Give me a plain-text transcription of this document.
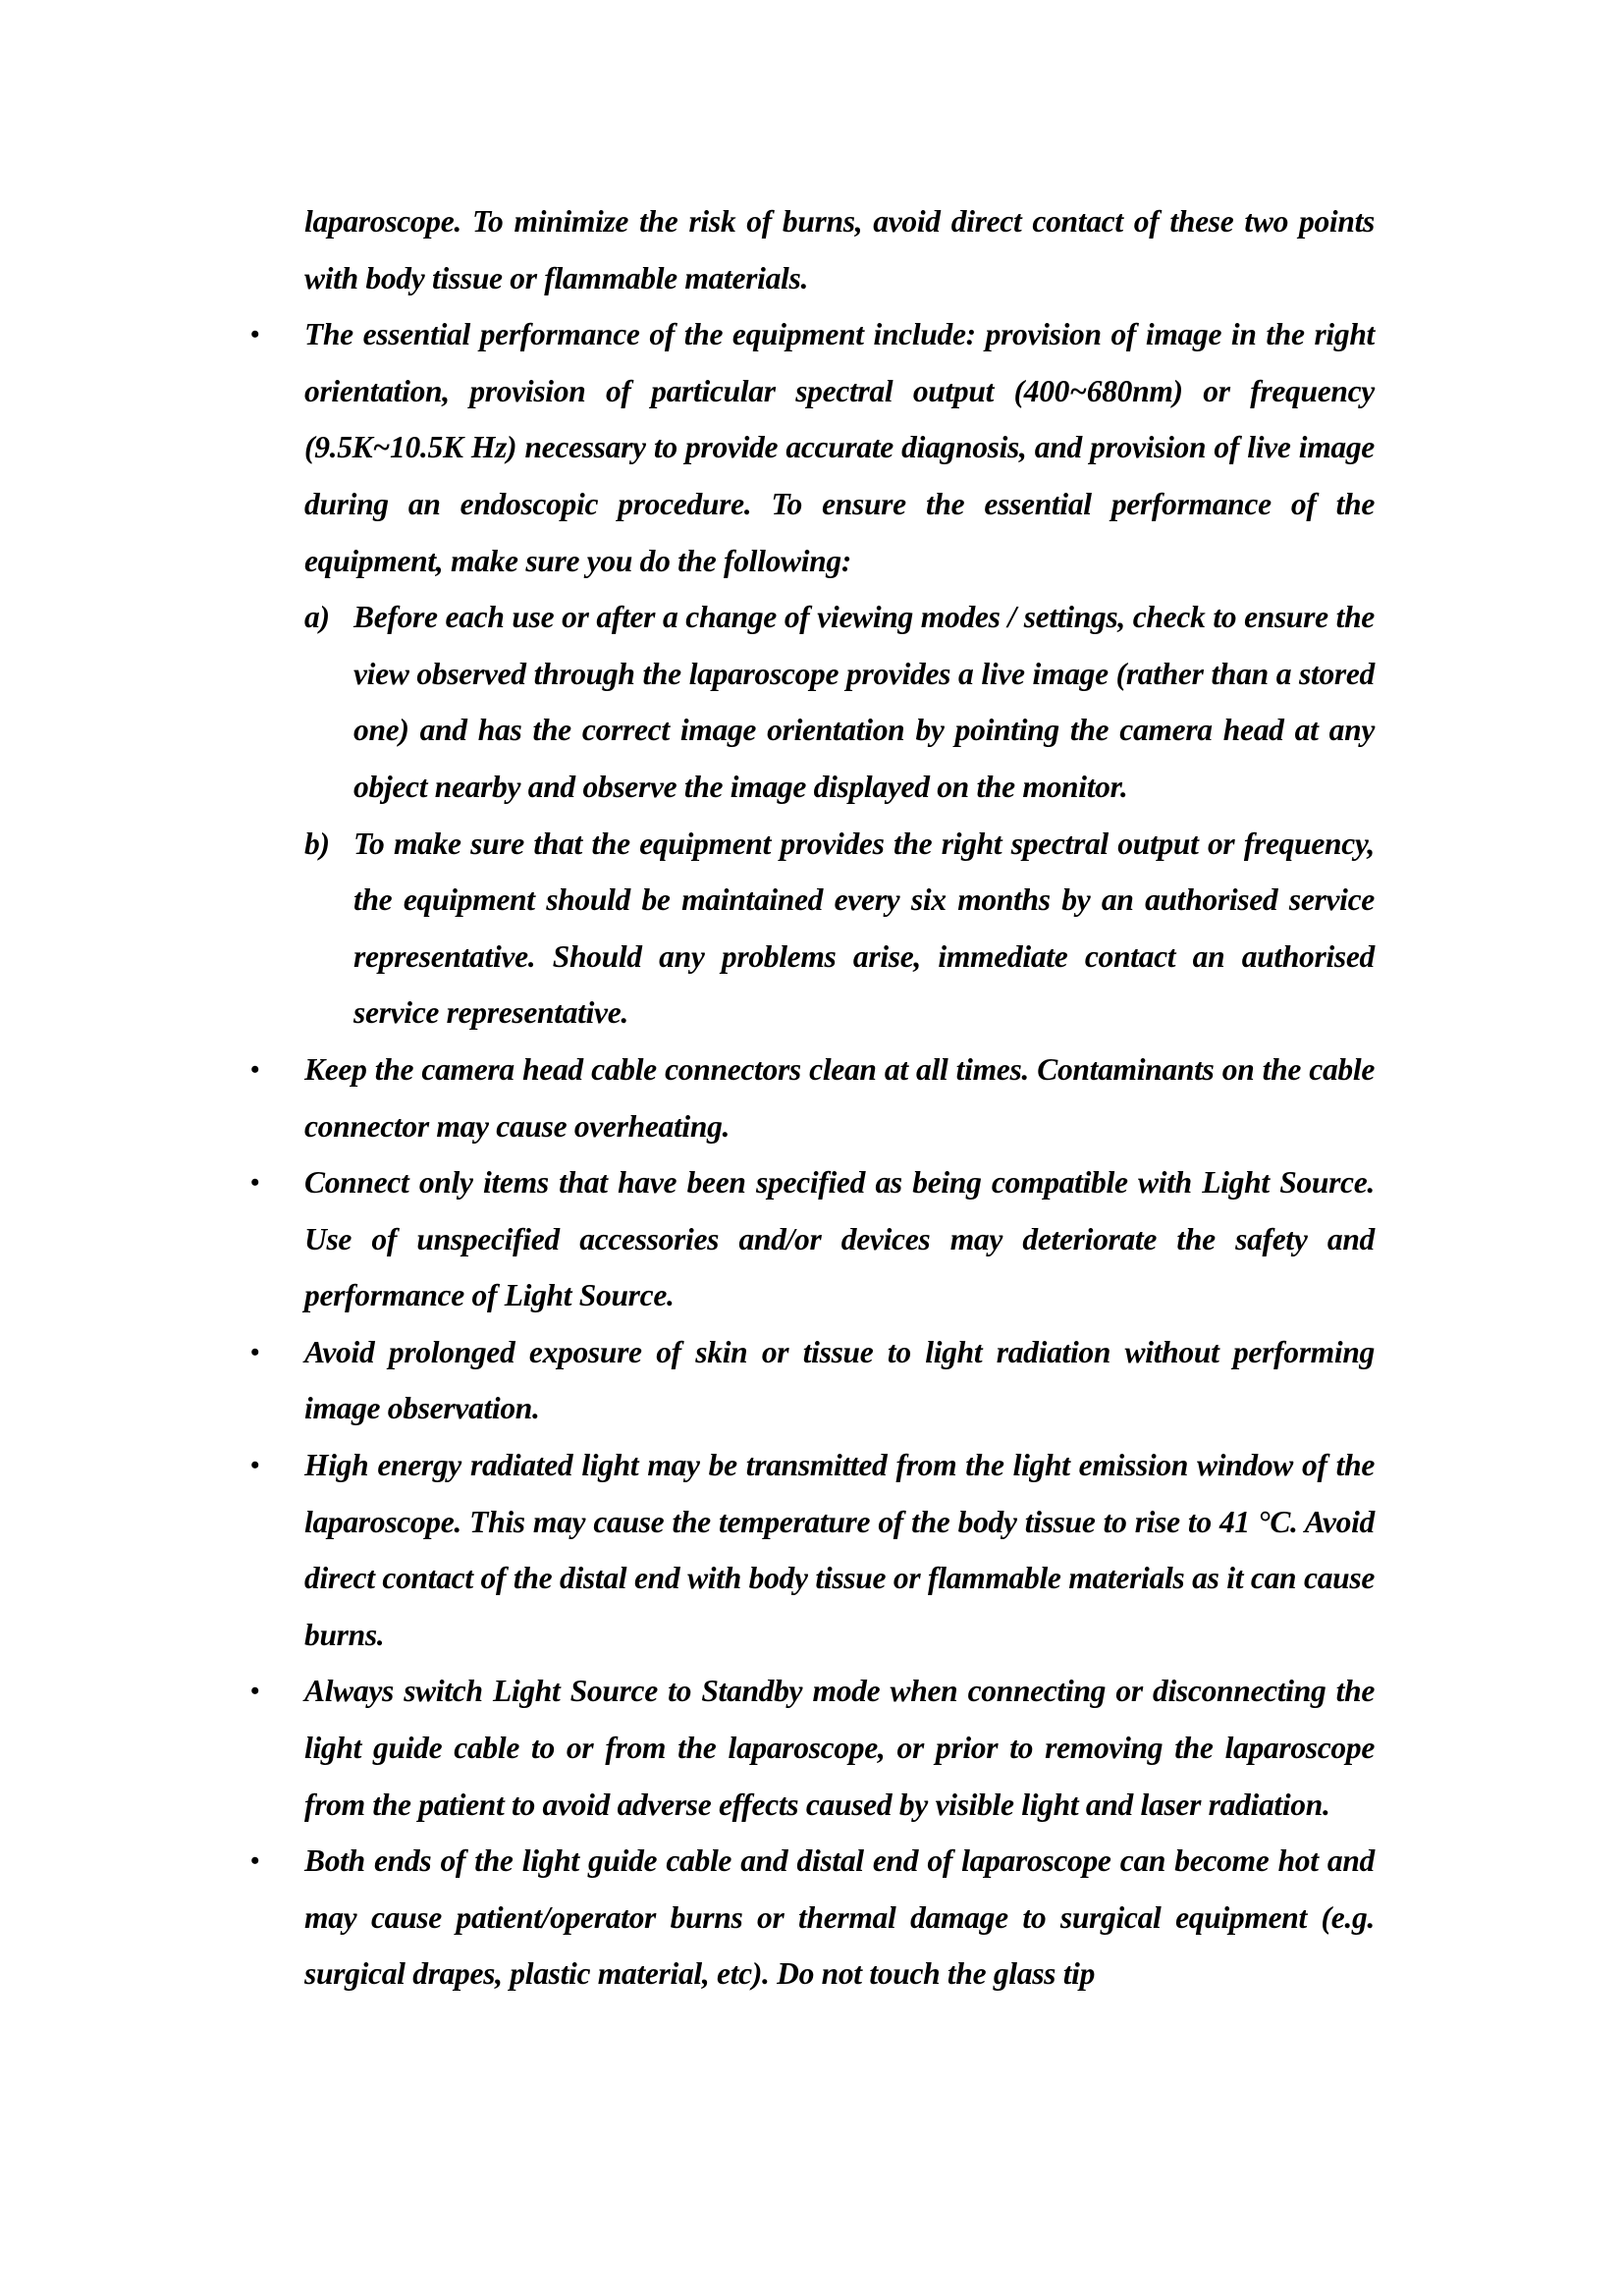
laparoscope. To minimize the risk of burns, avoid direct contact of these two points with body tissue or flammable materials.

• The essential performance of the equipment include: provision of image in the right orientation, provision of particular spectral output (400~680nm) or frequency (9.5K~10.5K Hz) necessary to provide accurate diagnosis, and provision of live image during an endoscopic procedure. To ensure the essential performance of the equipment, make sure you do the following:

a) Before each use or after a change of viewing modes / settings, check to ensure the view observed through the laparoscope provides a live image (rather than a stored one) and has the correct image orientation by pointing the camera head at any object nearby and observe the image displayed on the monitor.

b) To make sure that the equipment provides the right spectral output or frequency, the equipment should be maintained every six months by an authorised service representative. Should any problems arise, immediate contact an authorised service representative.

• Keep the camera head cable connectors clean at all times. Contaminants on the cable connector may cause overheating.

• Connect only items that have been specified as being compatible with Light Source. Use of unspecified accessories and/or devices may deteriorate the safety and performance of Light Source.

• Avoid prolonged exposure of skin or tissue to light radiation without performing image observation.

• High energy radiated light may be transmitted from the light emission window of the laparoscope. This may cause the temperature of the body tissue to rise to 41 °C. Avoid direct contact of the distal end with body tissue or flammable materials as it can cause burns.

• Always switch Light Source to Standby mode when connecting or disconnecting the light guide cable to or from the laparoscope, or prior to removing the laparoscope from the patient to avoid adverse effects caused by visible light and laser radiation.

• Both ends of the light guide cable and distal end of laparoscope can become hot and may cause patient/operator burns or thermal damage to surgical equipment (e.g. surgical drapes, plastic material, etc). Do not touch the glass tip
